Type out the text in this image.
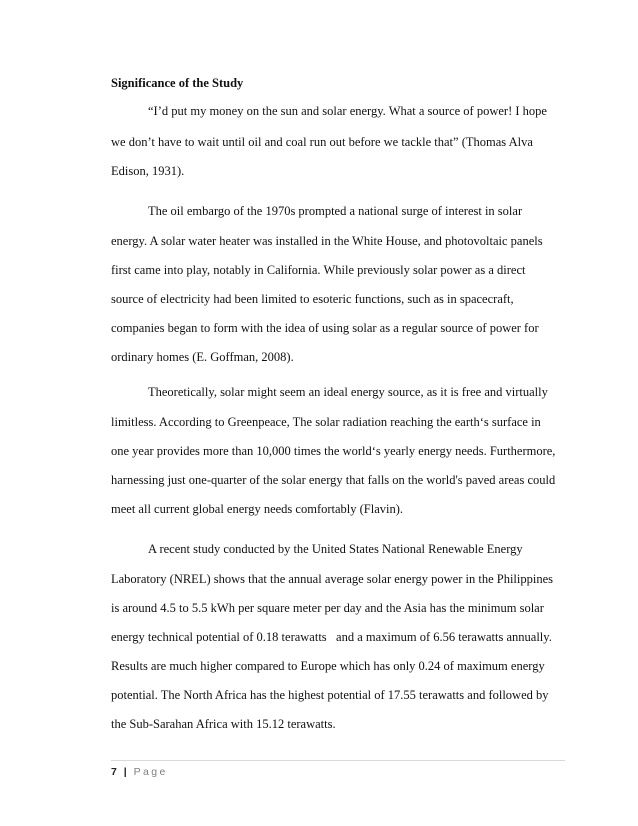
Significance of the Study
“I’d put my money on the sun and solar energy. What a source of power! I hope
we don’t have to wait until oil and coal run out before we tackle that” (Thomas Alva
Edison, 1931).
The oil embargo of the 1970s prompted a national surge of interest in solar
energy. A solar water heater was installed in the White House, and photovoltaic panels
first came into play, notably in California. While previously solar power as a direct
source of electricity had been limited to esoteric functions, such as in spacecraft,
companies began to form with the idea of using solar as a regular source of power for
ordinary homes (E. Goffman, 2008).
Theoretically, solar might seem an ideal energy source, as it is free and virtually
limitless. According to Greenpeace, The solar radiation reaching the earth‘s surface in
one year provides more than 10,000 times the world‘s yearly energy needs. Furthermore,
harnessing just one-quarter of the solar energy that falls on the world's paved areas could
meet all current global energy needs comfortably (Flavin).
A recent study conducted by the United States National Renewable Energy
Laboratory (NREL) shows that the annual average solar energy power in the Philippines
is around 4.5 to 5.5 kWh per square meter per day and the Asia has the minimum solar
energy technical potential of 0.18 terawatts   and a maximum of 6.56 terawatts annually.
Results are much higher compared to Europe which has only 0.24 of maximum energy
potential. The North Africa has the highest potential of 17.55 terawatts and followed by
the Sub-Sarahan Africa with 15.12 terawatts.
7 | Page
